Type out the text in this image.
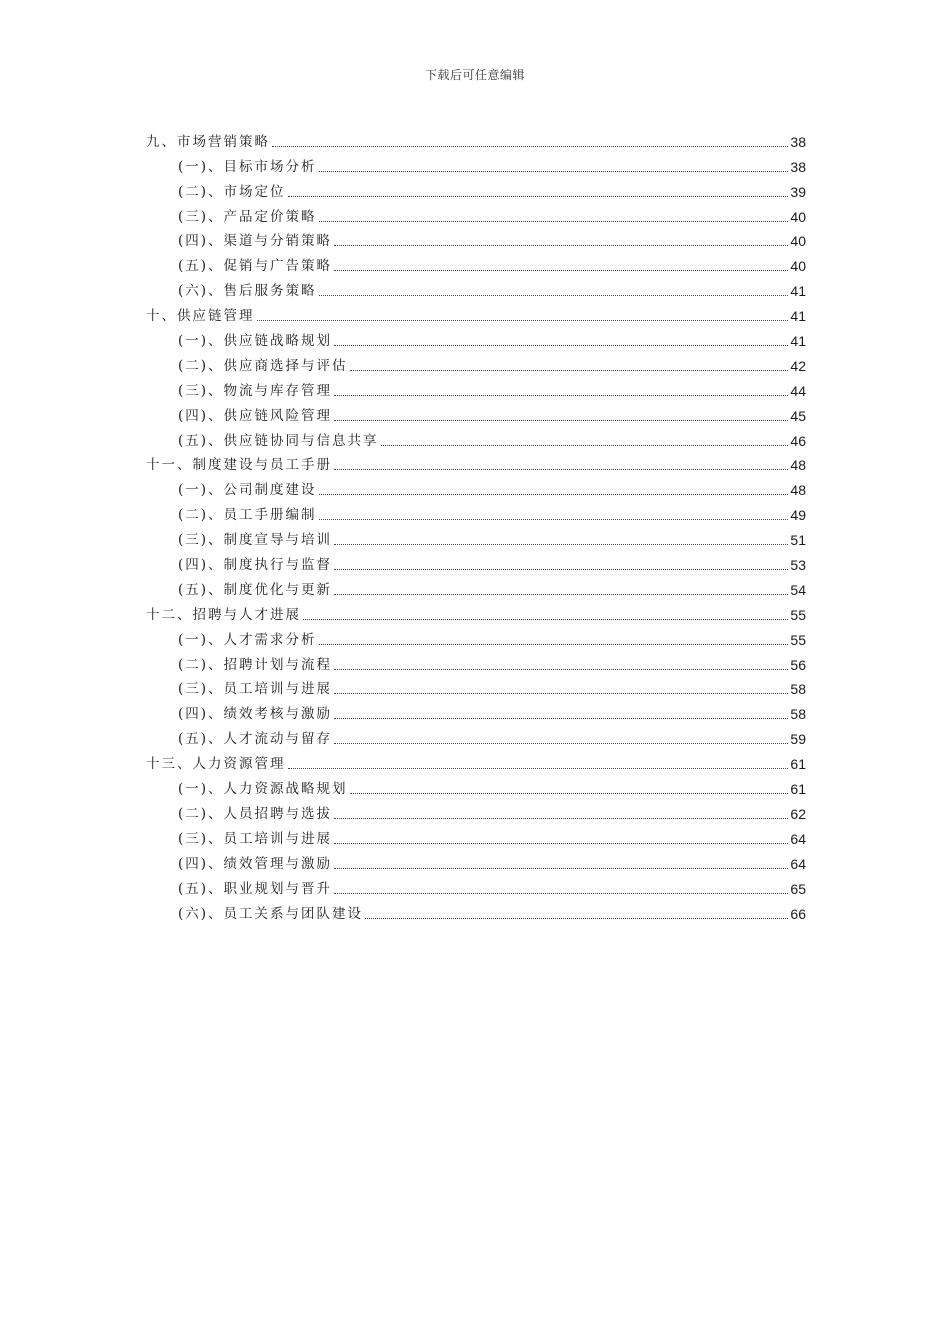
下载后可任意编辑
九、市场营销策略	38
(一)、目标市场分析	38
(二)、市场定位	39
(三)、产品定价策略	40
(四)、渠道与分销策略	40
(五)、促销与广告策略	40
(六)、售后服务策略	41
十、供应链管理	41
(一)、供应链战略规划	41
(二)、供应商选择与评估	42
(三)、物流与库存管理	44
(四)、供应链风险管理	45
(五)、供应链协同与信息共享	46
十一、制度建设与员工手册	48
(一)、公司制度建设	48
(二)、员工手册编制	49
(三)、制度宣导与培训	51
(四)、制度执行与监督	53
(五)、制度优化与更新	54
十二、招聘与人才进展	55
(一)、人才需求分析	55
(二)、招聘计划与流程	56
(三)、员工培训与进展	58
(四)、绩效考核与激励	58
(五)、人才流动与留存	59
十三、人力资源管理	61
(一)、人力资源战略规划	61
(二)、人员招聘与选拔	62
(三)、员工培训与进展	64
(四)、绩效管理与激励	64
(五)、职业规划与晋升	65
(六)、员工关系与团队建设	66
